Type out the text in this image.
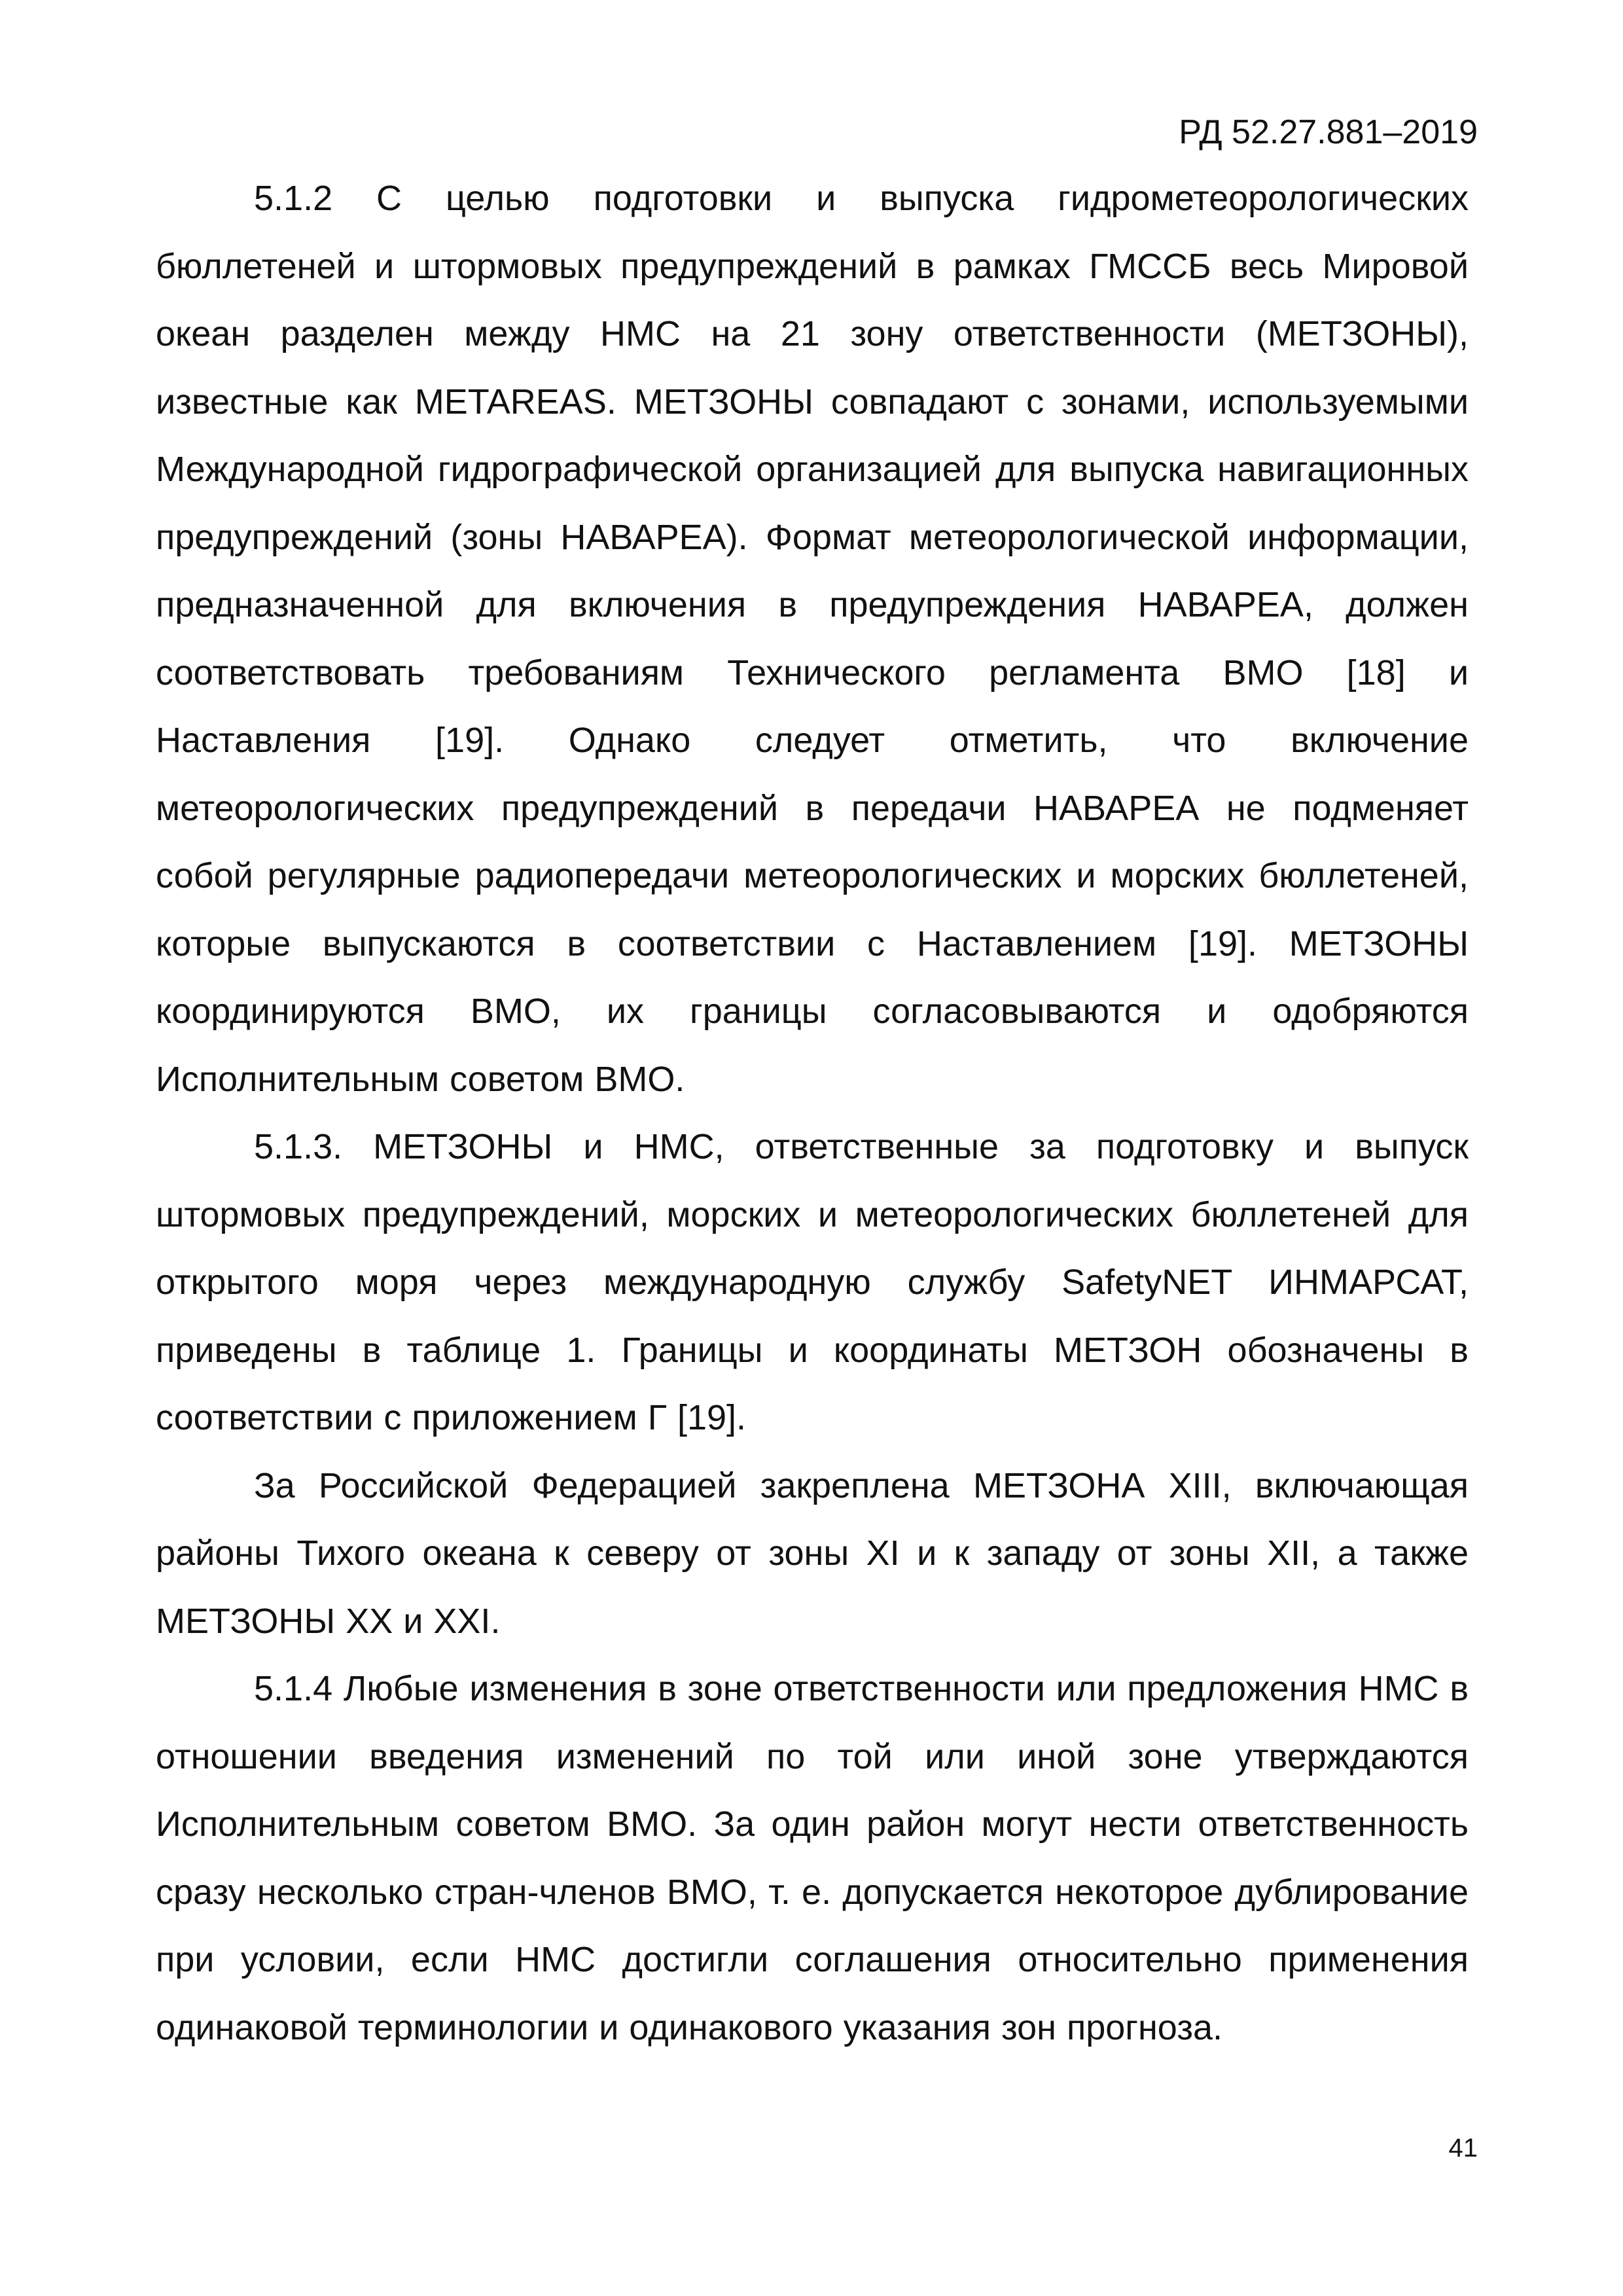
РД 52.27.881–2019

5.1.2 С целью подготовки и выпуска гидрометеорологических бюллетеней и штормовых предупреждений в рамках ГМССБ весь Мировой океан разделен между НМС на 21 зону ответственности (МЕТЗОНЫ), известные как METAREAS. МЕТЗОНЫ совпадают с зонами, используемыми Международной гидрографической организацией для выпуска навигационных предупреждений (зоны НАВАРЕА). Формат метеорологической информации, предназначенной для включения в предупреждения НАВАРЕА, должен соответствовать требованиям Технического регламента ВМО [18] и Наставления [19]. Однако следует отметить, что включение метеорологических предупреждений в передачи НАВАРЕА не подменяет собой регулярные радиопередачи метеорологических и морских бюллетеней, которые выпускаются в соответствии с Наставлением [19]. МЕТЗОНЫ координируются ВМО, их границы согласовываются и одобряются Исполнительным советом ВМО.

5.1.3. МЕТЗОНЫ и НМС, ответственные за подготовку и выпуск штормовых предупреждений, морских и метеорологических бюллетеней для открытого моря через международную службу SafetyNET ИНМАРСАТ, приведены в таблице 1. Границы и координаты МЕТЗОН обозначены в соответствии с приложением Г [19].

За Российской Федерацией закреплена МЕТЗОНА XIII, включающая районы Тихого океана к северу от зоны XI и к западу от зоны XII, а также МЕТЗОНЫ XX и XXI.

5.1.4 Любые изменения в зоне ответственности или предложения НМС в отношении введения изменений по той или иной зоне утверждаются Исполнительным советом ВМО. За один район могут нести ответственность сразу несколько стран-членов ВМО, т. е. допускается некоторое дублирование при условии, если НМС достигли соглашения относительно применения одинаковой терминологии и одинакового указания зон прогноза.

41
